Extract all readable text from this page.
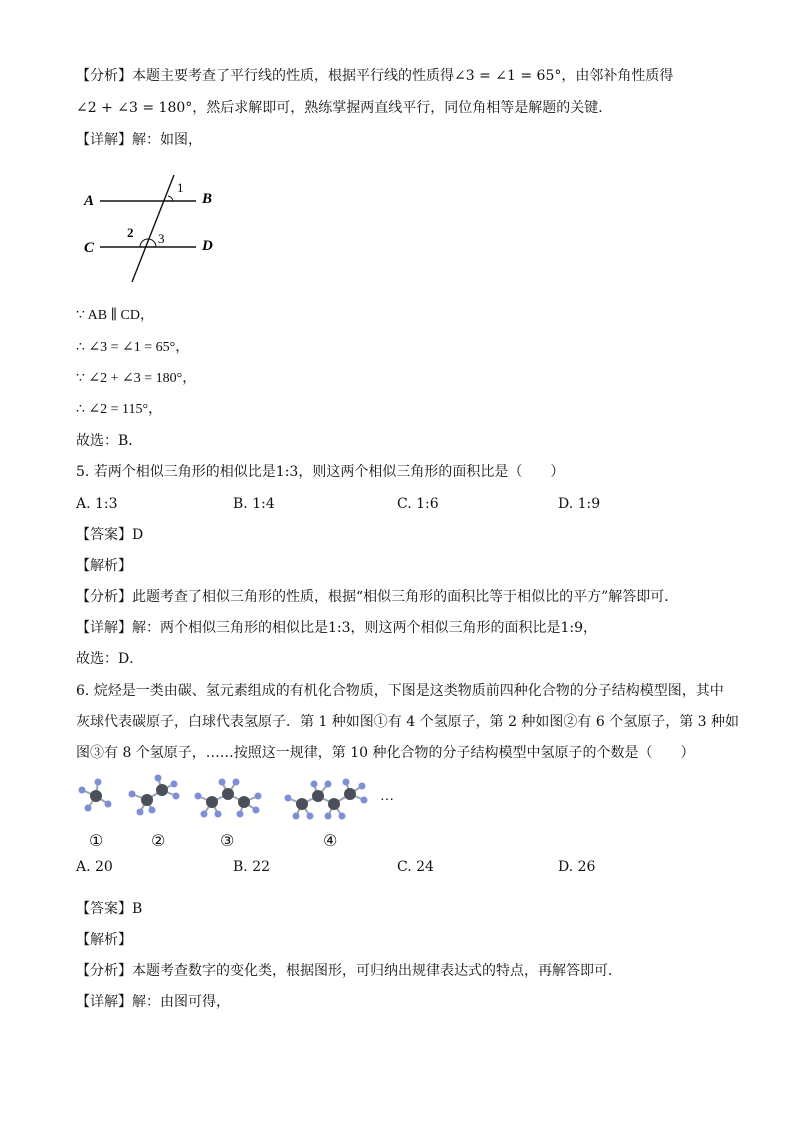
【分析】本题主要考查了平行线的性质，根据平行线的性质得∠3 = ∠1 = 65°，由邻补角性质得
∠2 + ∠3 = 180°，然后求解即可，熟练掌握两直线平行，同位角相等是解题的关键．
【详解】解：如图，
A	B
C	D
1
2 3
∵ AB ∥ CD，
∴ ∠3 = ∠1 = 65°，
∵ ∠2 + ∠3 = 180°，
∴ ∠2 = 115°，
故选：B．
5. 若两个相似三角形的相似比是1:3，则这两个相似三角形的面积比是（　　）
A. 1:3	B. 1:4	C. 1:6	D. 1:9
【答案】D
【解析】
【分析】此题考查了相似三角形的性质，根据“相似三角形的面积比等于相似比的平方”解答即可．
【详解】解：两个相似三角形的相似比是1:3，则这两个相似三角形的面积比是1:9，
故选：D．
6. 烷烃是一类由碳、氢元素组成的有机化合物质，下图是这类物质前四种化合物的分子结构模型图，其中
灰球代表碳原子，白球代表氢原子．第 1 种如图①有 4 个氢原子，第 2 种如图②有 6 个氢原子，第 3 种如
图③有 8 个氢原子，……按照这一规律，第 10 种化合物的分子结构模型中氢原子的个数是（　　）
…
①	②	③	④
A. 20	B. 22	C. 24	D. 26
【答案】B
【解析】
【分析】本题考查数字的变化类，根据图形，可归纳出规律表达式的特点，再解答即可．
【详解】解：由图可得，
